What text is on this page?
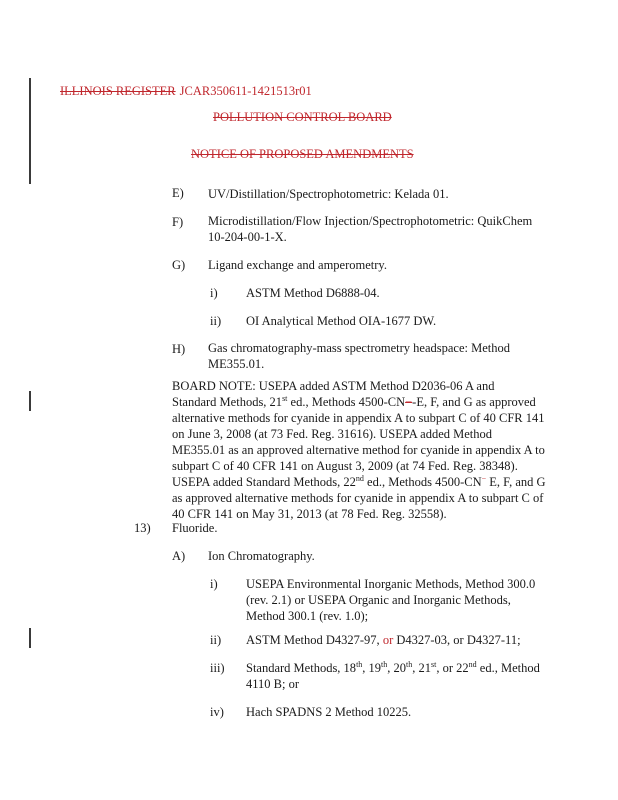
ILLINOIS REGISTER JCAR350611-1421513r01
POLLUTION CONTROL BOARD
NOTICE OF PROPOSED AMENDMENTS
E) UV/Distillation/Spectrophotometric: Kelada 01.
F) Microdistillation/Flow Injection/Spectrophotometric: QuikChem
10-204-00-1-X.
G) Ligand exchange and amperometry.
i) ASTM Method D6888-04.
ii) OI Analytical Method OIA-1677 DW.
H) Gas chromatography-mass spectrometry headspace: Method
ME355.01.
BOARD NOTE: USEPA added ASTM Method D2036-06 A and
Standard Methods, 21st ed., Methods 4500-CN−-E, F, and G as approved
alternative methods for cyanide in appendix A to subpart C of 40 CFR 141
on June 3, 2008 (at 73 Fed. Reg. 31616). USEPA added Method
ME355.01 as an approved alternative method for cyanide in appendix A to
subpart C of 40 CFR 141 on August 3, 2009 (at 74 Fed. Reg. 38348).
USEPA added Standard Methods, 22nd ed., Methods 4500-CN− E, F, and G
as approved alternative methods for cyanide in appendix A to subpart C of
40 CFR 141 on May 31, 2013 (at 78 Fed. Reg. 32558).
13) Fluoride.
A) Ion Chromatography.
i) USEPA Environmental Inorganic Methods, Method 300.0
(rev. 2.1) or USEPA Organic and Inorganic Methods,
Method 300.1 (rev. 1.0);
ii) ASTM Method D4327-97, or D4327-03, or D4327-11;
iii) Standard Methods, 18th, 19th, 20th, 21st, or 22nd ed., Method
4110 B; or
iv) Hach SPADNS 2 Method 10225.
